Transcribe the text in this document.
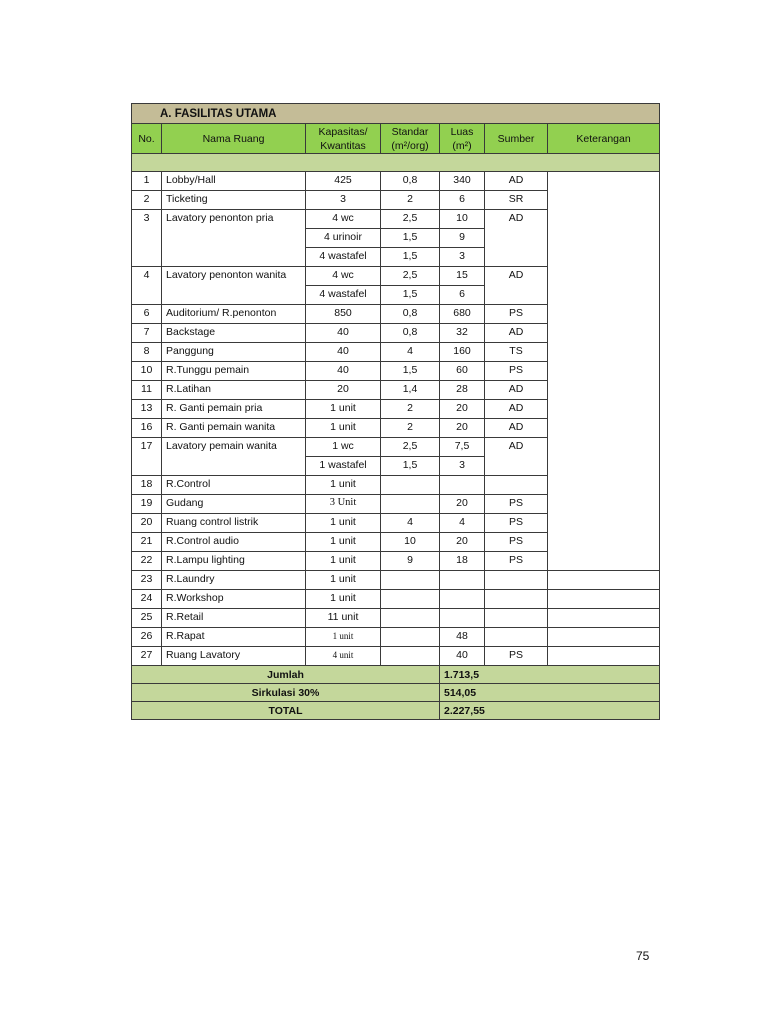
A. FASILITAS UTAMA						
No.	Nama Ruang	Kapasitas/ Kwantitas	Standar (m²/org)	Luas (m²)	Sumber	Keterangan

1	Lobby/Hall	425	0,8	340	AD	
2	Ticketing	3	2	6	SR	
3	Lavatory penonton pria	4 wc	2,5	10	AD	
		4 urinoir	1,5	9		
		4 wastafel	1,5	3		
4	Lavatory penonton wanita	4 wc	2,5	15	AD	
		4 wastafel	1,5	6		
6	Auditorium/ R.penonton	850	0,8	680	PS	
7	Backstage	40	0,8	32	AD	
8	Panggung	40	4	160	TS	
10	R.Tunggu pemain	40	1,5	60	PS	
11	R.Latihan	20	1,4	28	AD	
13	R. Ganti pemain pria	1 unit	2	20	AD	
16	R. Ganti pemain wanita	1 unit	2	20	AD	
17	Lavatory pemain wanita	1 wc	2,5	7,5	AD	
		1 wastafel	1,5	3		
18	R.Control	1 unit				
19	Gudang	3 Unit		20	PS	
20	Ruang control listrik	1 unit	4	4	PS	
21	R.Control audio	1 unit	10	20	PS	
22	R.Lampu lighting	1 unit	9	18	PS	
23	R.Laundry	1 unit				
24	R.Workshop	1 unit				
25	R.Retail	11 unit				
26	R.Rapat	1 unit		48		
27	Ruang Lavatory	4 unit		40	PS	
Jumlah				1.713,5		
Sirkulasi 30%				514,05		
TOTAL				2.227,55		
75
